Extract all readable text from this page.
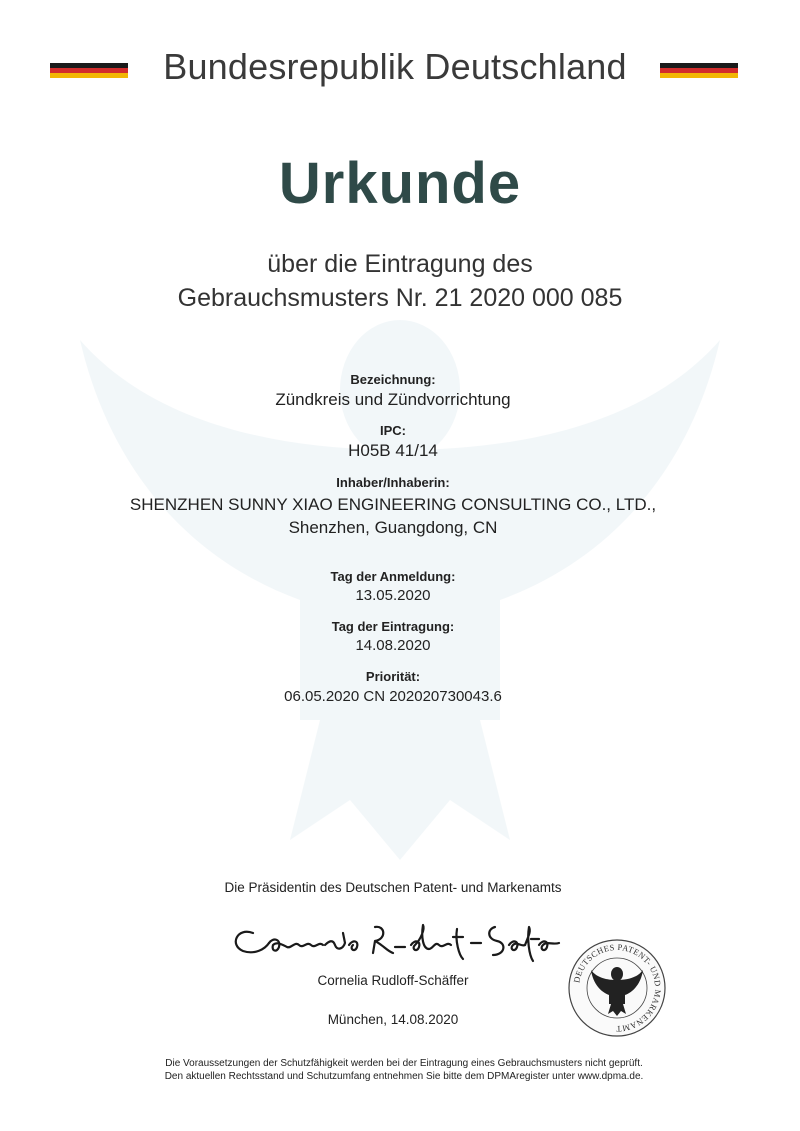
Bundesrepublik Deutschland
Urkunde
über die Eintragung des
Gebrauchsmusters Nr. 21 2020 000 085
Bezeichnung:
Zündkreis und Zündvorrichtung
IPC:
H05B 41/14
Inhaber/Inhaberin:
SHENZHEN SUNNY XIAO ENGINEERING CONSULTING CO., LTD.,
Shenzhen, Guangdong, CN
Tag der Anmeldung:
13.05.2020
Tag der Eintragung:
14.08.2020
Priorität:
06.05.2020 CN 202020730043.6
Die Präsidentin des Deutschen Patent- und Markenamts
Cornelia Rudloff-Schäffer
München, 14.08.2020
DEUTSCHES PATENT- UND MARKENAMT
Die Voraussetzungen der Schutzfähigkeit werden bei der Eintragung eines Gebrauchsmusters nicht geprüft.
Den aktuellen Rechtsstand und Schutzumfang entnehmen Sie bitte dem DPMAregister unter www.dpma.de.
